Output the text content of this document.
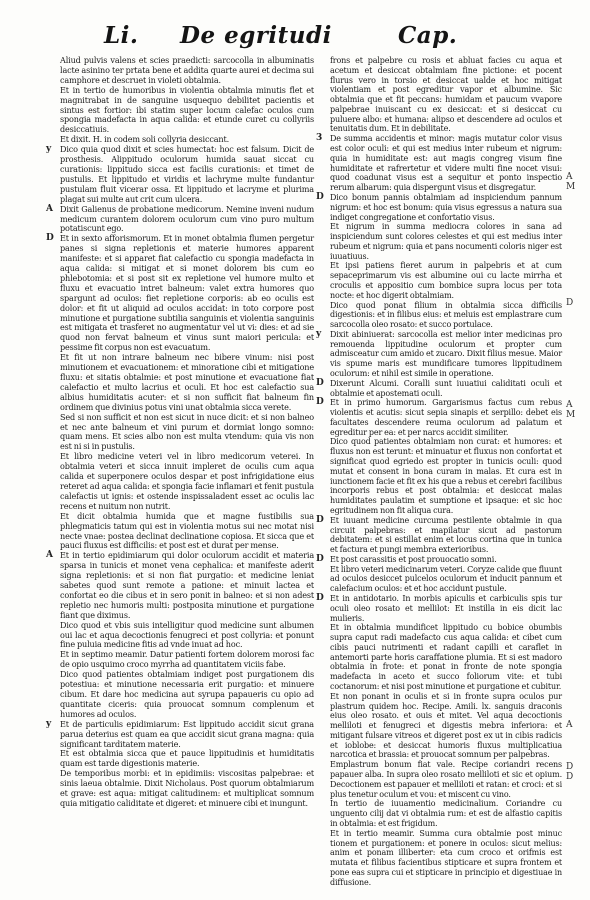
Li. De egritudi	Cap.

Aliud pulvis valens et scies praedicti: sarcocolla in albuminatis lacte asinino ter prtata bene et addita quarte aurei et decima sui camphore et descruet in violeti obtalmia.

Et in tertio de humoribus in violentia obtalmia minutis flet et magnitrabat in de sanguine usquequo debilitet pacientis et sintus est fortior: ibi statim super locum calefac oculos cum spongia madefacta in aqua calida: et etunde curet cu collyriis desiccatiuis.

Et dixit. H. in codem soli collyria desiccant.

y	Dico quia quod dixit et scies humectat: hoc est falsum. Dicit de prosthesis. Alippitudo oculorum humida sauat siccat cu curationis: lippitudo sicca est facilis curationis: et timet de pustulis. Et lippitudo et viridis et lachryme multe fundantur pustulam fluit vicerar ossa. Et lippitudo et lacryme et plurima plagat sui multe aut crit cum ulcera.

A Dixit Galienus de probatione medicorum. Nemine inveni nudum medicum curantem dolorem oculorum cum vino puro multum potatiscunt ego.

D Et in sexto afforismorum. Et in monet obtalmia flumen pergetur panes si signa repletionis et materie humores apparent manifeste: et si apparet fiat calefactio cu spongia madefacta in aqua calida: si mitigat et si monet dolorem bis cum eo phlebotomia: et si post sit ex repletione vel humore multo et fluxu et evacuatio intret balneum: valet extra humores quo spargunt ad oculos: fiet repletione corporis: ab eo oculis est dolor: et fit ut aliquid ad oculos accidat: in toto corpore post minutione et purgatione subtilia sanguinis et violentia sanguinis est mitigata et trasferet no augmentatur vel ut vi: dies: et ad sie quod non fervat balneum et vinus sunt maiori pericula: et pessime fit corpus non est evacuatum.

Et fit ut non intrare balneum nec bibere vinum: nisi post minutionem et evacuationem: et minoratione cibi et mitigatione fluxu: et sitatis obtalmie: et post minutione et evacuatione fiat calefactio et multo lacrius et oculi. Et hoc est calefactio sua albius humiditatis acuter: et si non sufficit fiat balneum fin ordinem que divinius potus vini unat obtalmia sicca verete.

Sed si non sufficit et non est sicut in nuce dicit: et si non balneo et nec ante balneum et vini purum et dormiat longo somno: quam mens. Et scies albo non est multa vtendum: quia vis non est ni si in pustulis.

Et libro medicine veteri vel in libro medicorum veterei. In obtalmia veteri et sicca innuit impleret de oculis cum aqua calida et superponere oculos despar et post infrigidatione eius reteret ad aqua calida: et spongia facie inflamari et fenit pustula calefactis ut ignis: et ostende inspissaladent esset ac oculis lac recens et nuitum non nutrit.

Et dicit obtalmia humida que et magne fustibilis sua phlegmaticis tatum qui est in violentia motus sui nec motat nisi necte vnae: postea declinat declinatione copiosa. Et sicca que et pauci fluxus est difficilis: et post est et durat per mense.

A Et in tertio epidimiarum qui dolor oculorum accidit et materia sparsa in tunicis et monet vena cephalica: et manifeste aderit signa repletionis: et si non fiat purgatio: et medicine leniat sabetes quod sunt remote a patione: et minuit lactea et confortat eo die cibus et in sero ponit in balneo: et si non adest repletio nec humoris multi: postposita minutione et purgatione fiant que diximus.

Dico quod et vbis suis intelligitur quod medicine sunt albumen oui lac et aqua decoctionis fenugreci et post collyria: et ponunt fine puluia medicine fitis ad vnde inuat ad hoc.

Et in septimo meamir. Datur patienti fortem dolorem morosi fac de opio usquimo croco myrrha ad quantitatem viciis fabe.

Dico quod patientes obtalmiam indiget post purgationem dis potestiua: et minutione necessaria erit purgatio: et minuere cibum. Et dare hoc medicina aut syrupa papaueris cu opio ad quantitate ciceris: quia prouocat somnum complenum et humores ad oculos.

y	Et de particulis epidimiarum: Est lippitudo accidit sicut grana parua deterius est quam ea que accidit sicut grana magna: quia significant tarditatem materie.

Et est obtalmia sicca que et pauce lippitudinis et humiditatis quam est tarde digestionis materie.

De temporibus morbi: et in epidimiis: viscositas palpebrae: et sinis laeua obtalmie. Dixit Nicholaus. Post quorum obtalmiarum et grave: est aqua: mitigat calitudinem: et multiplicat somnum quia mitigatio caliditate et digeret: et minuere cibi et inungunt.

frons et palpebre cu rosis et abluat facies cu aqua et acetum et desiccat obtalmiam fine pictione: et pocent flurus vero in torsio et desiccat ualde et hoc mitigat violentiam et post egreditur vapor et albumine. Sic obtalmia que et fit peccans: humidam et paucum vvapore palpebrae inuiscant cu ex desiccat: et si desiccat cu puluere albo: et humana: alipso et descendere ad oculos et tenuitatis dum. Et in debilitate.

3 De summa accidentis et minor: magis mutatur color visus est color oculi: et qui est medius inter rubeum et nigrum: quia in humiditate est: aut magis congreg visum fine humiditate et rafrertetur et videre multi fine nocet visui: quod coadunat visus est a sequitur et ponto inspectio rerum albarum: quia dispergunt visus et disgregatur.

D Dico bonum pannis obtalmiam ad inspiciendum pannum nigrum: et hoc est bonum: quia visus egressus a natura sua indiget congregatione et confortatio visus.

Et nigrum in summa mediocra colores in sana ad inspiciendum sunt colores celestes et qui est medius inter rubeum et nigrum: quia et pans nocumenti coloris niger est iuuatiuus.

Et ipsi patiens fieret aurum in palpebris et at cum sepaceprimarum vis est albumine oui cu lacte mirrha et croculis et appositio cum bombice supra locus per tota nocte: et hoc digerit obtalmiam.

Dico quod ponat filium in obtalmia sicca difficilis digestionis: et in filibus eius: et meluis est emplastrare cum sarcocolla oleo rosato: et succo portulace.

y	Dixit abiniuerat: sarcocolla est melior inter medicinas pro remouenda lippitudine oculorum et propter cum admisceatur cum amido et zucaro. Dixit filius mesue. Maior vis spume maris est mundificare tumores lippitudinem oculorum: et nihil est simile in operatione.

D Dixerunt Alcumi. Coralli sunt iuuatiui caliditati oculi et obtalmie et apostemati oculi.

D Et in primo humorum. Gargarismus factus cum rebus violentis et acutis: sicut sepia sinapis et serpillo: debet eis facultates descendere reuma oculorum ad palatum et egreditur per ea: et per narcs accidit similiter.

Dico quod patientes obtalmiam non curat: et humores: et fluxus non est terunt: et minuatur et fluxus non confortat et significat quod egriedo est propter in tunicis oculi: quod mutat et consent in bona curam in malas. Et cura est in iunctionem facie et fit ex his que a rebus et cerebri facilibus incorporis rebus et post obtalmia: et desiccat malas humiditates paulatim et sumptione et ipsaque: et sic hoc egritudinem non fit aliqua cura.

D Et iuuant medicine curcuma pestilente obtalmie in qua circuit palpebras: et mapilatur sicut ad pastorum debitatem: et si estillat enim et locus cortina que in tunica et factura et pungi membra exterioribus.

D Et post carassitis et post prouocatio somni.

Et libro veteri medicinarum veteri. Coryze calide que fluunt ad oculos desiccet pulcelos oculorum et inducit pannum et calefacium oculos: et et hoc accidunt pustule.

D Et in antidotario. In morbis apiculis et carbiculis spis tur oculi oleo rosato et mellilot: Et instilla in eis dicit lac mulieris.

Et in obtalmia mundificet lippitudo cu bobice obumbis supra caput radi madefacto cus aqua calida: et cibet cum cibis pauci nutrimenti et radant capilli et caraflet in antemorti parte horis caraffatione plumia. Et si est madoro obtalmia in frote: et ponat in fronte de note spongia madefacta in aceto et succo foliorum vite: et tubi coctanorum: et nisi post minutione et purgatione et cubitur.

Et non ponant in oculis et si in fronte supra oculos pur plastrum quidem hoc. Recipe. Amili. lx. sanguis draconis eius oleo rosato. et ouis et mitet. Vel aqua decoctionis melliloti et fenugreci et digestis mebra inferiora: et mitigant fulsare vitreos et digeret post ex ut in cibis radicis et ioblobe: et desiccat humoris fluxus multiplicatiua narcotica et brassia: et prouocat somnum per palpebras.

Emplastrum bonum fiat vale. Recipe coriandri recens papauer alba. In supra oleo rosato melliloti et sic et opium. Decoctionem est papauer et melliloti et ratan: et croci: et si plus tenetur oculum et vou: et miscent cu vino.

In tertio de iuuamentio medicinalium. Coriandre cu unguento cilij dat vi obtalmia rum: et est de alfastio capitis in obtalmia: et est frigidum.

Et in tertio meamir. Summa cura obtalmie post minuc tionem et purgationem: et ponere in oculos: sicut melius: anim et ponam illiberter: eta cum croco et orifmis est mutata et filibus facientibus stipticare et supra frontem et pone eas supra cui et stipticare in principio et digestiuae in diffusione.

A
M
D
A
M
A
D
D
